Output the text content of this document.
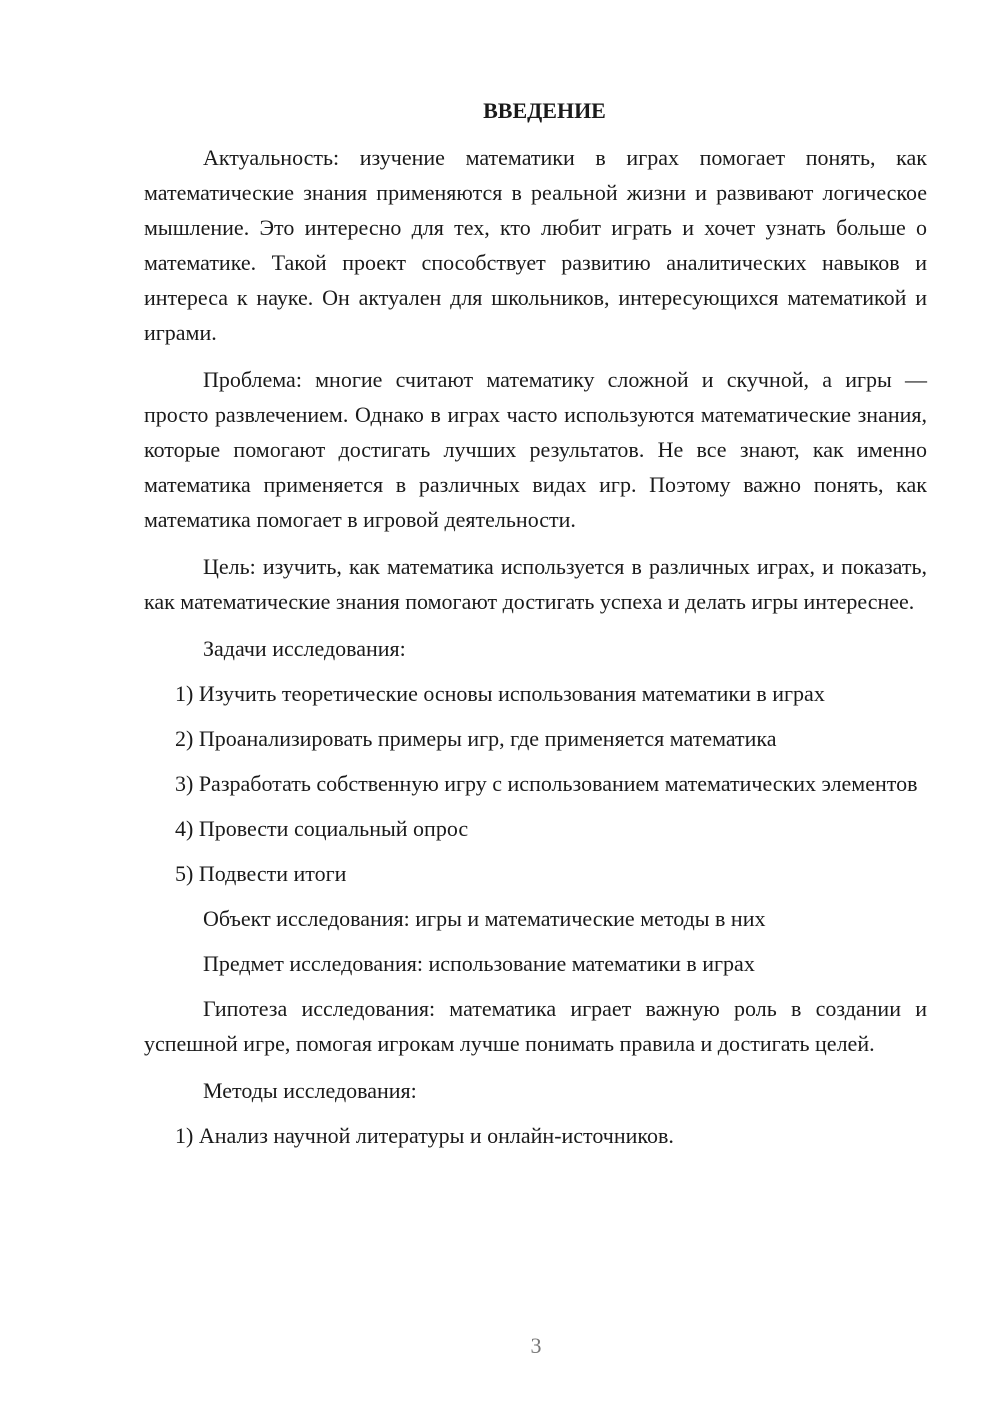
ВВЕДЕНИЕ

Актуальность: изучение математики в играх помогает понять, как математические знания применяются в реальной жизни и развивают логическое мышление. Это интересно для тех, кто любит играть и хочет узнать больше о математике. Такой проект способствует развитию аналитических навыков и интереса к науке. Он актуален для школьников, интересующихся математикой и играми.

Проблема: многие считают математику сложной и скучной, а игры — просто развлечением. Однако в играх часто используются математические знания, которые помогают достигать лучших результатов. Не все знают, как именно математика применяется в различных видах игр. Поэтому важно понять, как математика помогает в игровой деятельности.

Цель: изучить, как математика используется в различных играх, и показать, как математические знания помогают достигать успеха и делать игры интереснее.

Задачи исследования:

1) Изучить теоретические основы использования математики в играх

2) Проанализировать примеры игр, где применяется математика

3) Разработать собственную игру с использованием математических элементов

4) Провести социальный опрос

5) Подвести итоги

Объект исследования: игры и математические методы в них

Предмет исследования: использование математики в играх

Гипотеза исследования: математика играет важную роль в создании и успешной игре, помогая игрокам лучше понимать правила и достигать целей.

Методы исследования:

1) Анализ научной литературы и онлайн-источников.

3
